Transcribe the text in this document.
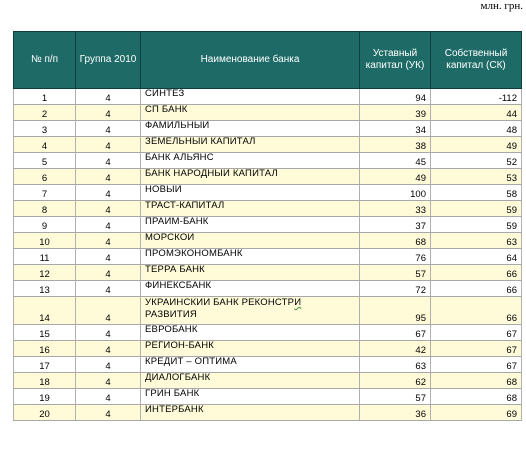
млн. грн.
№ п/п	Группа 2010	Наименование банка	Уставный капитал (УК)	Собственный капитал (СК)
1	4	СИНТЕЗ	94	-112
2	4	СП БАНК	39	44
3	4	ФАМИЛЬНЫЙ	34	48
4	4	ЗЕМЕЛЬНЫЙ КАПИТАЛ	38	49
5	4	БАНК АЛЬЯНС	45	52
6	4	БАНК НАРОДНЫЙ КАПИТАЛ	49	53
7	4	НОВЫЙ	100	58
8	4	ТРАСТ-КАПИТАЛ	33	59
9	4	ПРАИМ-БАНК	37	59
10	4	МОРСКОИ	68	63
11	4	ПРОМЭКОНОМБАНК	76	64
12	4	ТЕРРА БАНК	57	66
13	4	ФИНЕКСБАНК	72	66
14	4	УКРАИНСКИИ БАНК РЕКОНСТРИ
РАЗВИТИЯ	95	66
15	4	ЕВРОБАНК	67	67
16	4	РЕГИОН-БАНК	42	67
17	4	КРЕДИТ – ОПТИМА	63	67
18	4	ДИАЛОГБАНК	62	68
19	4	ГРИН БАНК	57	68
20	4	ИНТЕРБАНК	36	69
